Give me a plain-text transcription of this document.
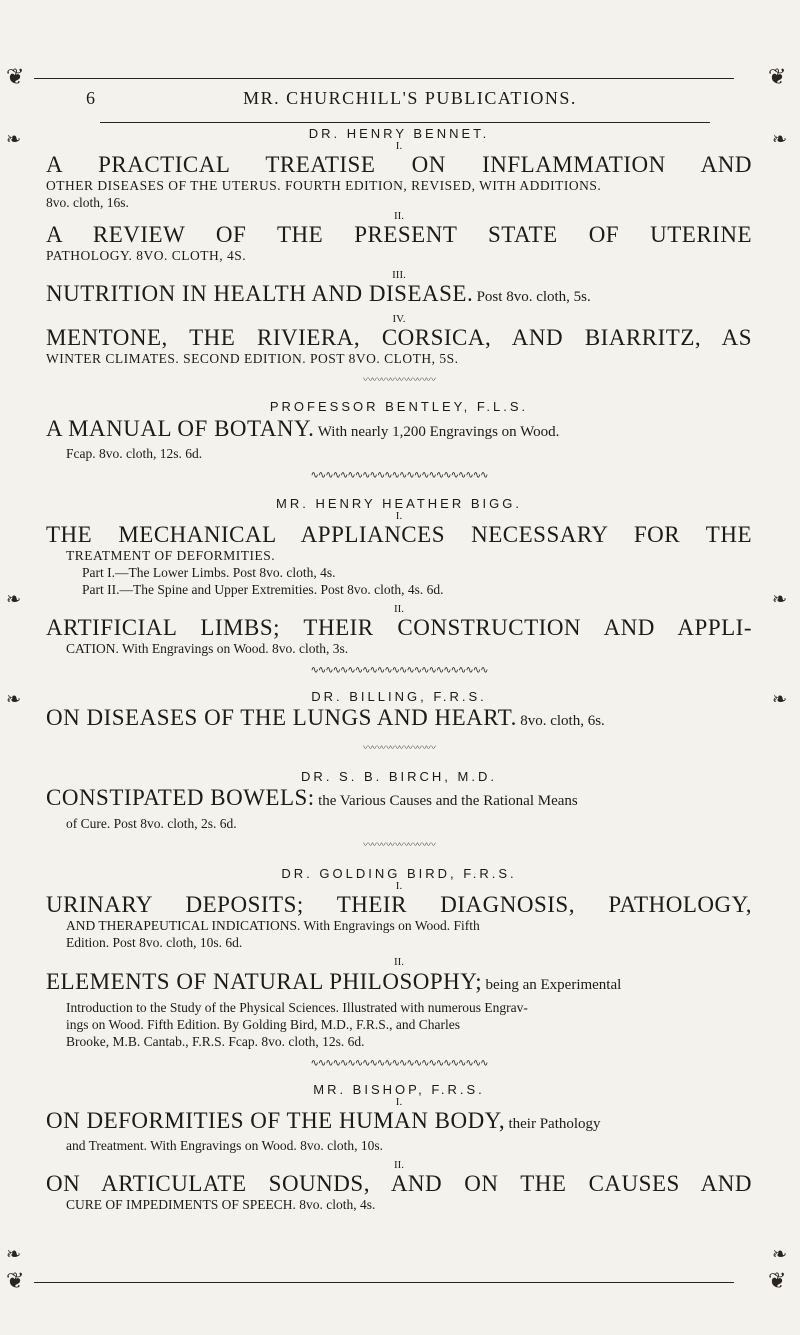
❦	❦
6	MR. CHURCHILL'S PUBLICATIONS.
❧	❧
❧	❧
❧	❧
❧	❧

DR. HENRY BENNET.

I.

A PRACTICAL TREATISE ON INFLAMMATION AND

OTHER DISEASES OF THE UTERUS. FOURTH EDITION, REVISED, WITH ADDITIONS.

8vo. cloth, 16s.

II.

A REVIEW OF THE PRESENT STATE OF UTERINE

PATHOLOGY. 8VO. CLOTH, 4S.

III.

NUTRITION IN HEALTH AND DISEASE. Post 8vo. cloth, 5s.

IV.

MENTONE, THE RIVIERA, CORSICA, AND BIARRITZ, AS

WINTER CLIMATES. SECOND EDITION. POST 8VO. CLOTH, 5S.

〰〰〰〰〰〰〰〰

PROFESSOR BENTLEY, F.L.S.

A MANUAL OF BOTANY. With nearly 1,200 Engravings on Wood.

Fcap. 8vo. cloth, 12s. 6d.

∿∿∿∿∿∿∿∿∿∿∿∿∿∿∿∿∿∿∿∿∿∿∿∿

MR. HENRY HEATHER BIGG.

I.

THE MECHANICAL APPLIANCES NECESSARY FOR THE

TREATMENT OF DEFORMITIES.

Part I.—The Lower Limbs. Post 8vo. cloth, 4s.

Part II.—The Spine and Upper Extremities. Post 8vo. cloth, 4s. 6d.

II.

ARTIFICIAL LIMBS; THEIR CONSTRUCTION AND APPLI-

CATION. With Engravings on Wood. 8vo. cloth, 3s.

∿∿∿∿∿∿∿∿∿∿∿∿∿∿∿∿∿∿∿∿∿∿∿∿

DR. BILLING, F.R.S.

ON DISEASES OF THE LUNGS AND HEART. 8vo. cloth, 6s.

〰〰〰〰〰〰〰〰

DR. S. B. BIRCH, M.D.

CONSTIPATED BOWELS: the Various Causes and the Rational Means

of Cure. Post 8vo. cloth, 2s. 6d.

〰〰〰〰〰〰〰〰

DR. GOLDING BIRD, F.R.S.

I.

URINARY DEPOSITS; THEIR DIAGNOSIS, PATHOLOGY,

AND THERAPEUTICAL INDICATIONS. With Engravings on Wood. Fifth

Edition. Post 8vo. cloth, 10s. 6d.

II.

ELEMENTS OF NATURAL PHILOSOPHY; being an Experimental

Introduction to the Study of the Physical Sciences. Illustrated with numerous Engrav-

ings on Wood. Fifth Edition. By Golding Bird, M.D., F.R.S., and Charles

Brooke, M.B. Cantab., F.R.S. Fcap. 8vo. cloth, 12s. 6d.

∿∿∿∿∿∿∿∿∿∿∿∿∿∿∿∿∿∿∿∿∿∿∿∿

MR. BISHOP, F.R.S.

I.

ON DEFORMITIES OF THE HUMAN BODY, their Pathology

and Treatment. With Engravings on Wood. 8vo. cloth, 10s.

II.

ON ARTICULATE SOUNDS, AND ON THE CAUSES AND

CURE OF IMPEDIMENTS OF SPEECH. 8vo. cloth, 4s.

❦	❦
